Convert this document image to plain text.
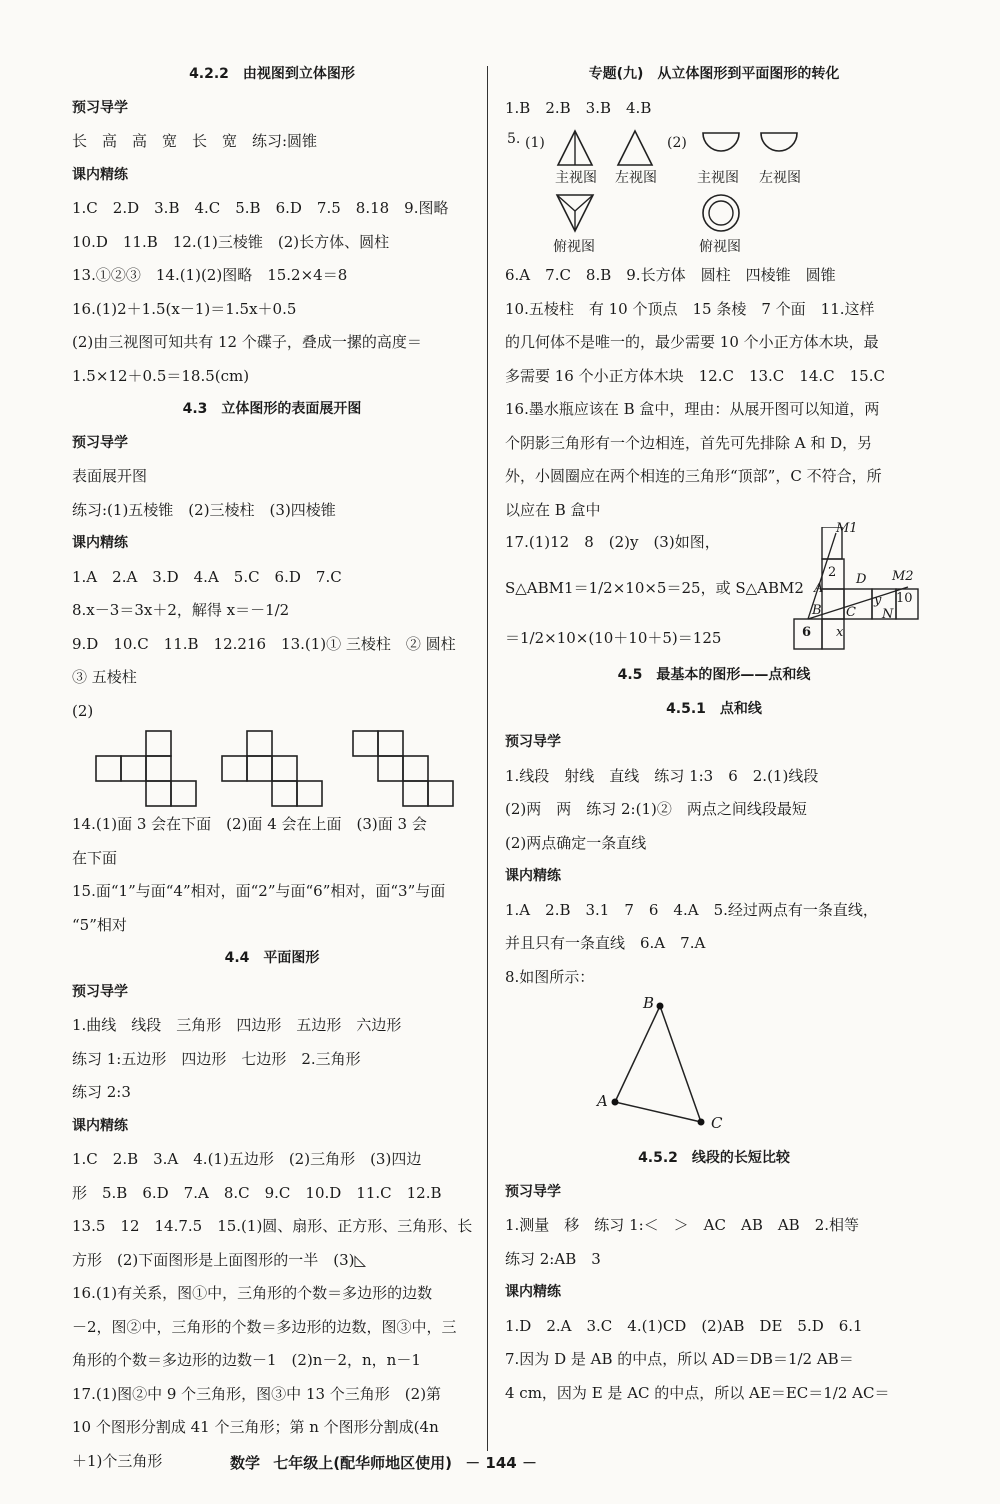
4.2.2　由视图到立体图形
预习导学
长　高　高　宽　长　宽　练习:圆锥
课内精练
1.C　2.D　3.B　4.C　5.B　6.D　7.5　8.18　9.图略
10.D　11.B　12.(1)三棱锥　(2)长方体、圆柱
13.①②③　14.(1)(2)图略　15.2×4＝8
16.(1)2＋1.5(x－1)＝1.5x＋0.5
(2)由三视图可知共有 12 个碟子，叠成一摞的高度＝
1.5×12＋0.5＝18.5(cm)
4.3　立体图形的表面展开图
预习导学
表面展开图
练习:(1)五棱锥　(2)三棱柱　(3)四棱锥
课内精练
1.A　2.A　3.D　4.A　5.C　6.D　7.C
8.x－3＝3x＋2，解得 x＝－1/2
9.D　10.C　11.B　12.216　13.(1)① 三棱柱　② 圆柱
③ 五棱柱
(2)
14.(1)面 3 会在下面　(2)面 4 会在上面　(3)面 3 会
在下面
15.面“1”与面“4”相对，面“2”与面“6”相对，面“3”与面
“5”相对
4.4　平面图形
预习导学
1.曲线　线段　三角形　四边形　五边形　六边形
练习 1:五边形　四边形　七边形　2.三角形
练习 2:3
课内精练
1.C　2.B　3.A　4.(1)五边形　(2)三角形　(3)四边
形　5.B　6.D　7.A　8.C　9.C　10.D　11.C　12.B
13.5　12　14.7.5　15.(1)圆、扇形、正方形、三角形、长
方形　(2)下面图形是上面图形的一半　(3)◺
16.(1)有关系，图①中，三角形的个数＝多边形的边数
－2，图②中，三角形的个数＝多边形的边数，图③中，三
角形的个数＝多边形的边数－1　(2)n－2，n，n－1
17.(1)图②中 9 个三角形，图③中 13 个三角形　(2)第
10 个图形分割成 41 个三角形；第 n 个图形分割成(4n
＋1)个三角形
专题(九)　从立体图形到平面图形的转化
1.B　2.B　3.B　4.B
5. (1)	(2)
主视图 左视图	主视图 左视图
俯视图	俯视图
6.A　7.C　8.B　9.长方体　圆柱　四棱锥　圆锥
10.五棱柱　有 10 个顶点　15 条棱　7 个面　11.这样
的几何体不是唯一的，最少需要 10 个小正方体木块，最
多需要 16 个小正方体木块　12.C　13.C　14.C　15.C
16.墨水瓶应该在 B 盒中，理由：从展开图可以知道，两
个阴影三角形有一个边相连，首先可先排除 A 和 D，另
外，小圆圈应在两个相连的三角形“顶部”，C 不符合，所
以应在 B 盒中
17.(1)12　8　(2)y　(3)如图，
S△ABM1＝1/2×10×5＝25，或 S△ABM2
＝1/2×10×(10＋10＋5)＝125
M1
M2
D
A
B C N
y
x
2
10
6
4.5　最基本的图形——点和线
4.5.1　点和线
预习导学
1.线段　射线　直线　练习 1:3　6　2.(1)线段
(2)两　两　练习 2:(1)②　两点之间线段最短
(2)两点确定一条直线
课内精练
1.A　2.B　3.1　7　6　4.A　5.经过两点有一条直线，
并且只有一条直线　6.A　7.A
8.如图所示：
B
A
C
4.5.2　线段的长短比较
预习导学
1.测量　移　练习 1:＜　＞　AC　AB　AB　2.相等
练习 2:AB　3
课内精练
1.D　2.A　3.C　4.(1)CD　(2)AB　DE　5.D　6.1
7.因为 D 是 AB 的中点，所以 AD＝DB＝1/2 AB＝
4 cm，因为 E 是 AC 的中点，所以 AE＝EC＝1/2 AC＝
数学 七年级上(配华师地区使用) － 144 －
